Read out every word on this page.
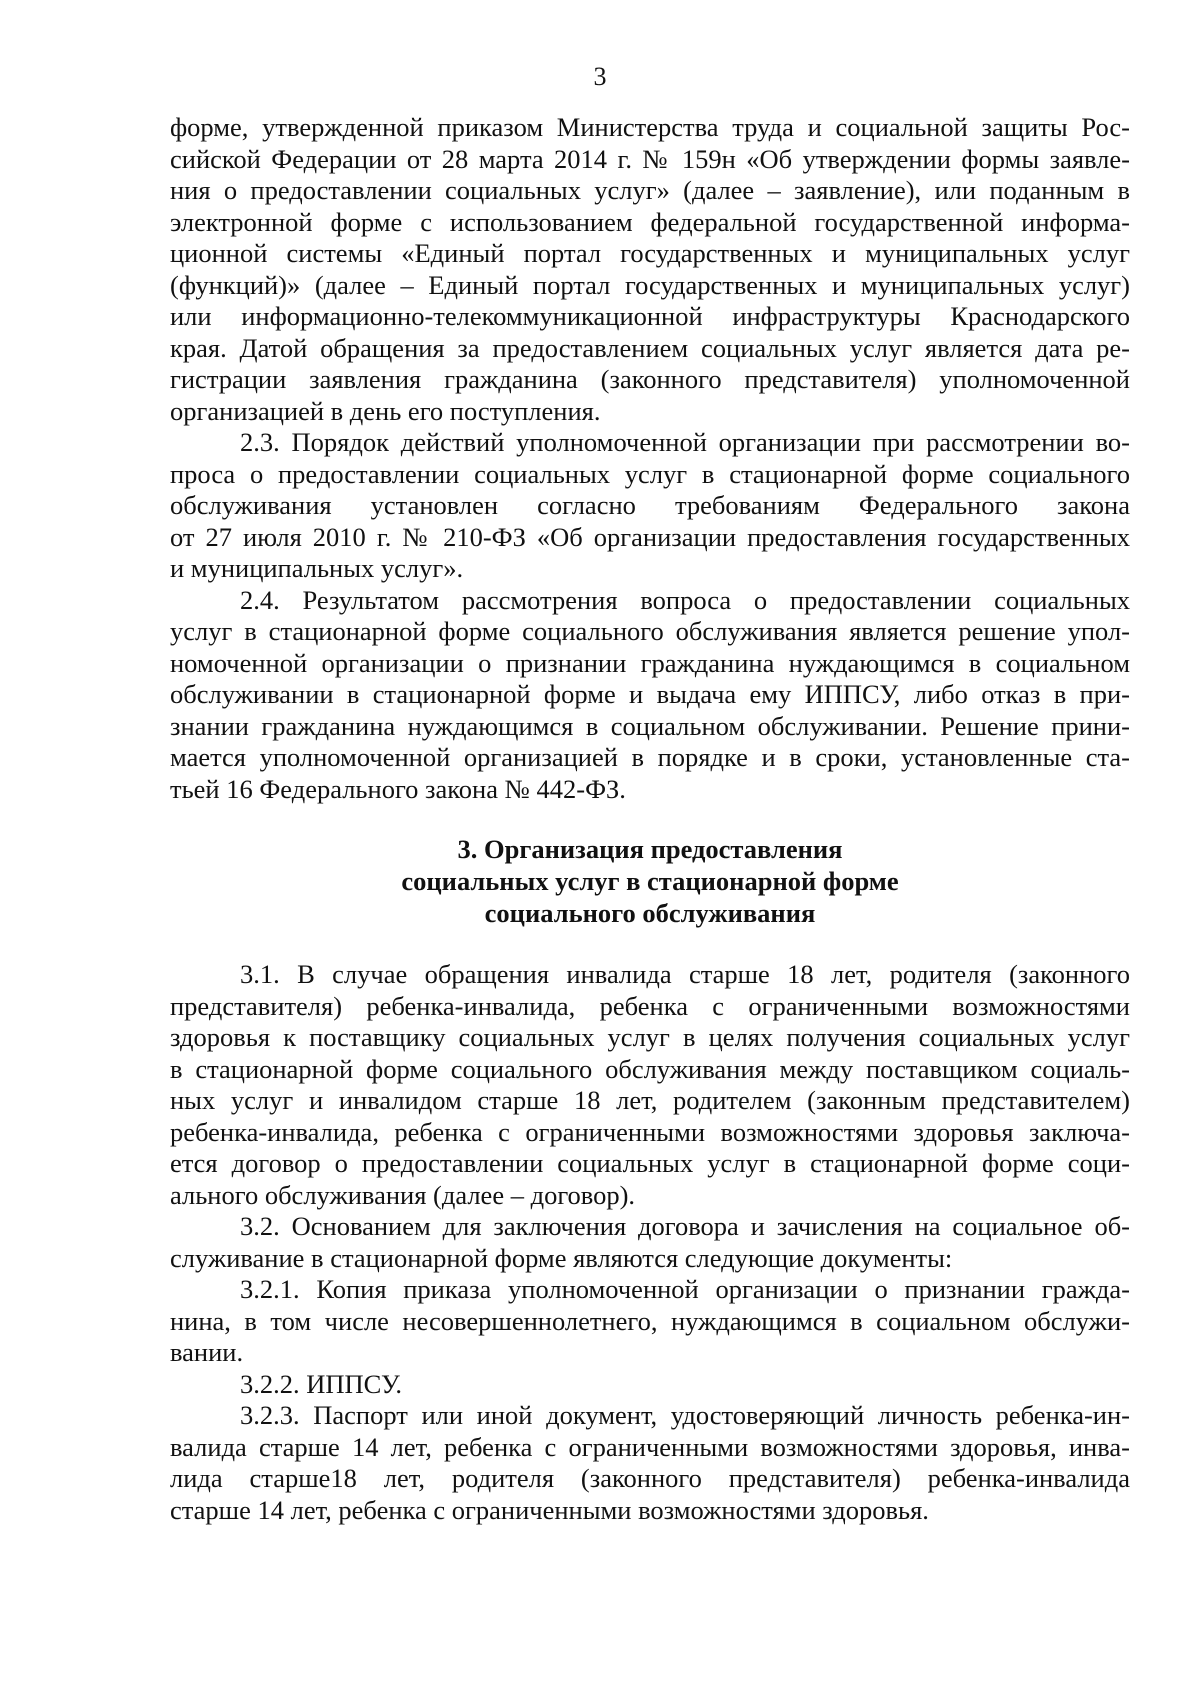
3
форме, утвержденной приказом Министерства труда и социальной защиты Рос-
сийской Федерации от 28 марта 2014 г. № 159н «Об утверждении формы заявле-
ния о предоставлении социальных услуг» (далее – заявление), или поданным в
электронной форме с использованием федеральной государственной информа-
ционной системы «Единый портал государственных и муниципальных услуг
(функций)» (далее – Единый портал государственных и муниципальных услуг)
или информационно-телекоммуникационной инфраструктуры Краснодарского
края. Датой обращения за предоставлением социальных услуг является дата ре-
гистрации заявления гражданина (законного представителя) уполномоченной
организацией в день его поступления.
2.3. Порядок действий уполномоченной организации при рассмотрении во-
проса о предоставлении социальных услуг в стационарной форме социального
обслуживания установлен согласно требованиям Федерального закона
от 27 июля 2010 г. № 210-ФЗ «Об организации предоставления государственных
и муниципальных услуг».
2.4. Результатом рассмотрения вопроса о предоставлении социальных
услуг в стационарной форме социального обслуживания является решение упол-
номоченной организации о признании гражданина нуждающимся в социальном
обслуживании в стационарной форме и выдача ему ИППСУ, либо отказ в при-
знании гражданина нуждающимся в социальном обслуживании. Решение прини-
мается уполномоченной организацией в порядке и в сроки, установленные ста-
тьей 16 Федерального закона № 442-ФЗ.
3. Организация предоставления
социальных услуг в стационарной форме
социального обслуживания
3.1. В случае обращения инвалида старше 18 лет, родителя (законного
представителя) ребенка-инвалида, ребенка с ограниченными возможностями
здоровья к поставщику социальных услуг в целях получения социальных услуг
в стационарной форме социального обслуживания между поставщиком социаль-
ных услуг и инвалидом старше 18 лет, родителем (законным представителем)
ребенка-инвалида, ребенка с ограниченными возможностями здоровья заключа-
ется договор о предоставлении социальных услуг в стационарной форме соци-
ального обслуживания (далее – договор).
3.2. Основанием для заключения договора и зачисления на социальное об-
служивание в стационарной форме являются следующие документы:
3.2.1. Копия приказа уполномоченной организации о признании гражда-
нина, в том числе несовершеннолетнего, нуждающимся в социальном обслужи-
вании.
3.2.2. ИППСУ.
3.2.3. Паспорт или иной документ, удостоверяющий личность ребенка-ин-
валида старше 14 лет, ребенка с ограниченными возможностями здоровья, инва-
лида старше18 лет, родителя (законного представителя) ребенка-инвалида
старше 14 лет, ребенка с ограниченными возможностями здоровья.
